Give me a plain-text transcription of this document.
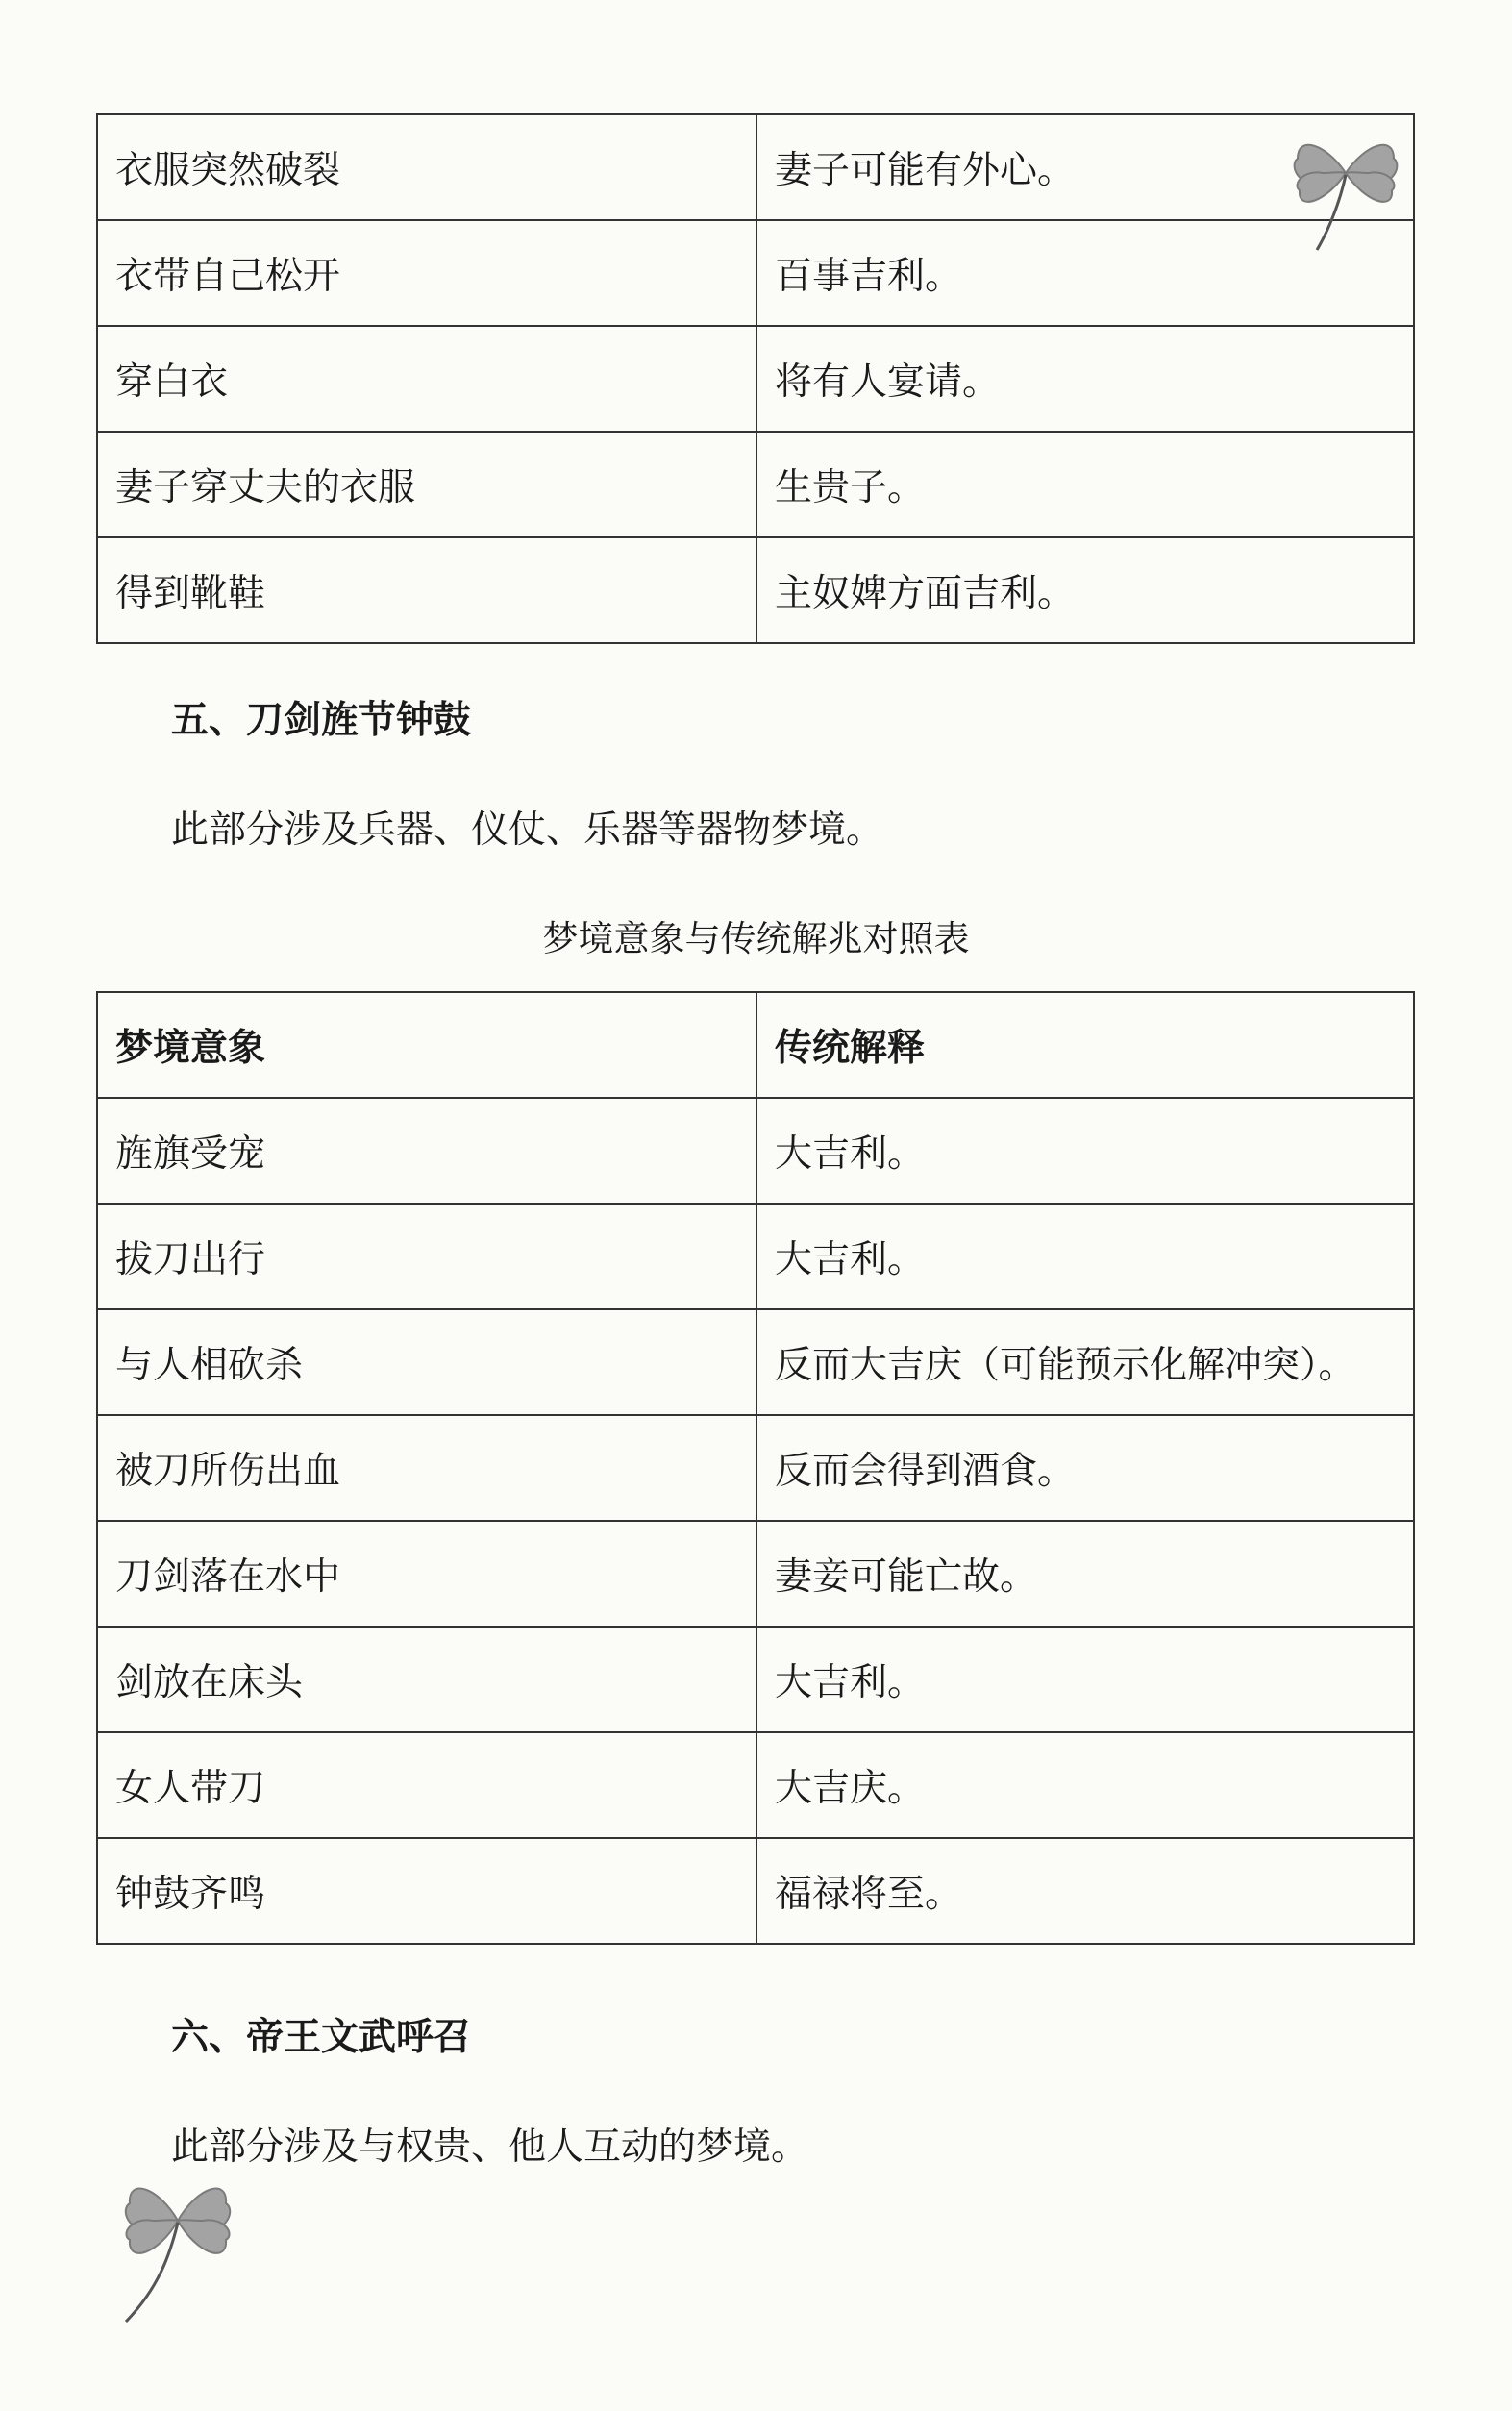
衣服突然破裂	妻子可能有外心。
衣带自己松开	百事吉利。
穿白衣	将有人宴请。
妻子穿丈夫的衣服	生贵子。
得到靴鞋	主奴婢方面吉利。
五、刀剑旌节钟鼓

此部分涉及兵器、仪仗、乐器等器物梦境。

梦境意象与传统解兆对照表

梦境意象	传统解释
旌旗受宠	大吉利。
拔刀出行	大吉利。
与人相砍杀	反而大吉庆（可能预示化解冲突）。
被刀所伤出血	反而会得到酒食。
刀剑落在水中	妻妾可能亡故。
剑放在床头	大吉利。
女人带刀	大吉庆。
钟鼓齐鸣	福禄将至。
六、帝王文武呼召

此部分涉及与权贵、他人互动的梦境。
